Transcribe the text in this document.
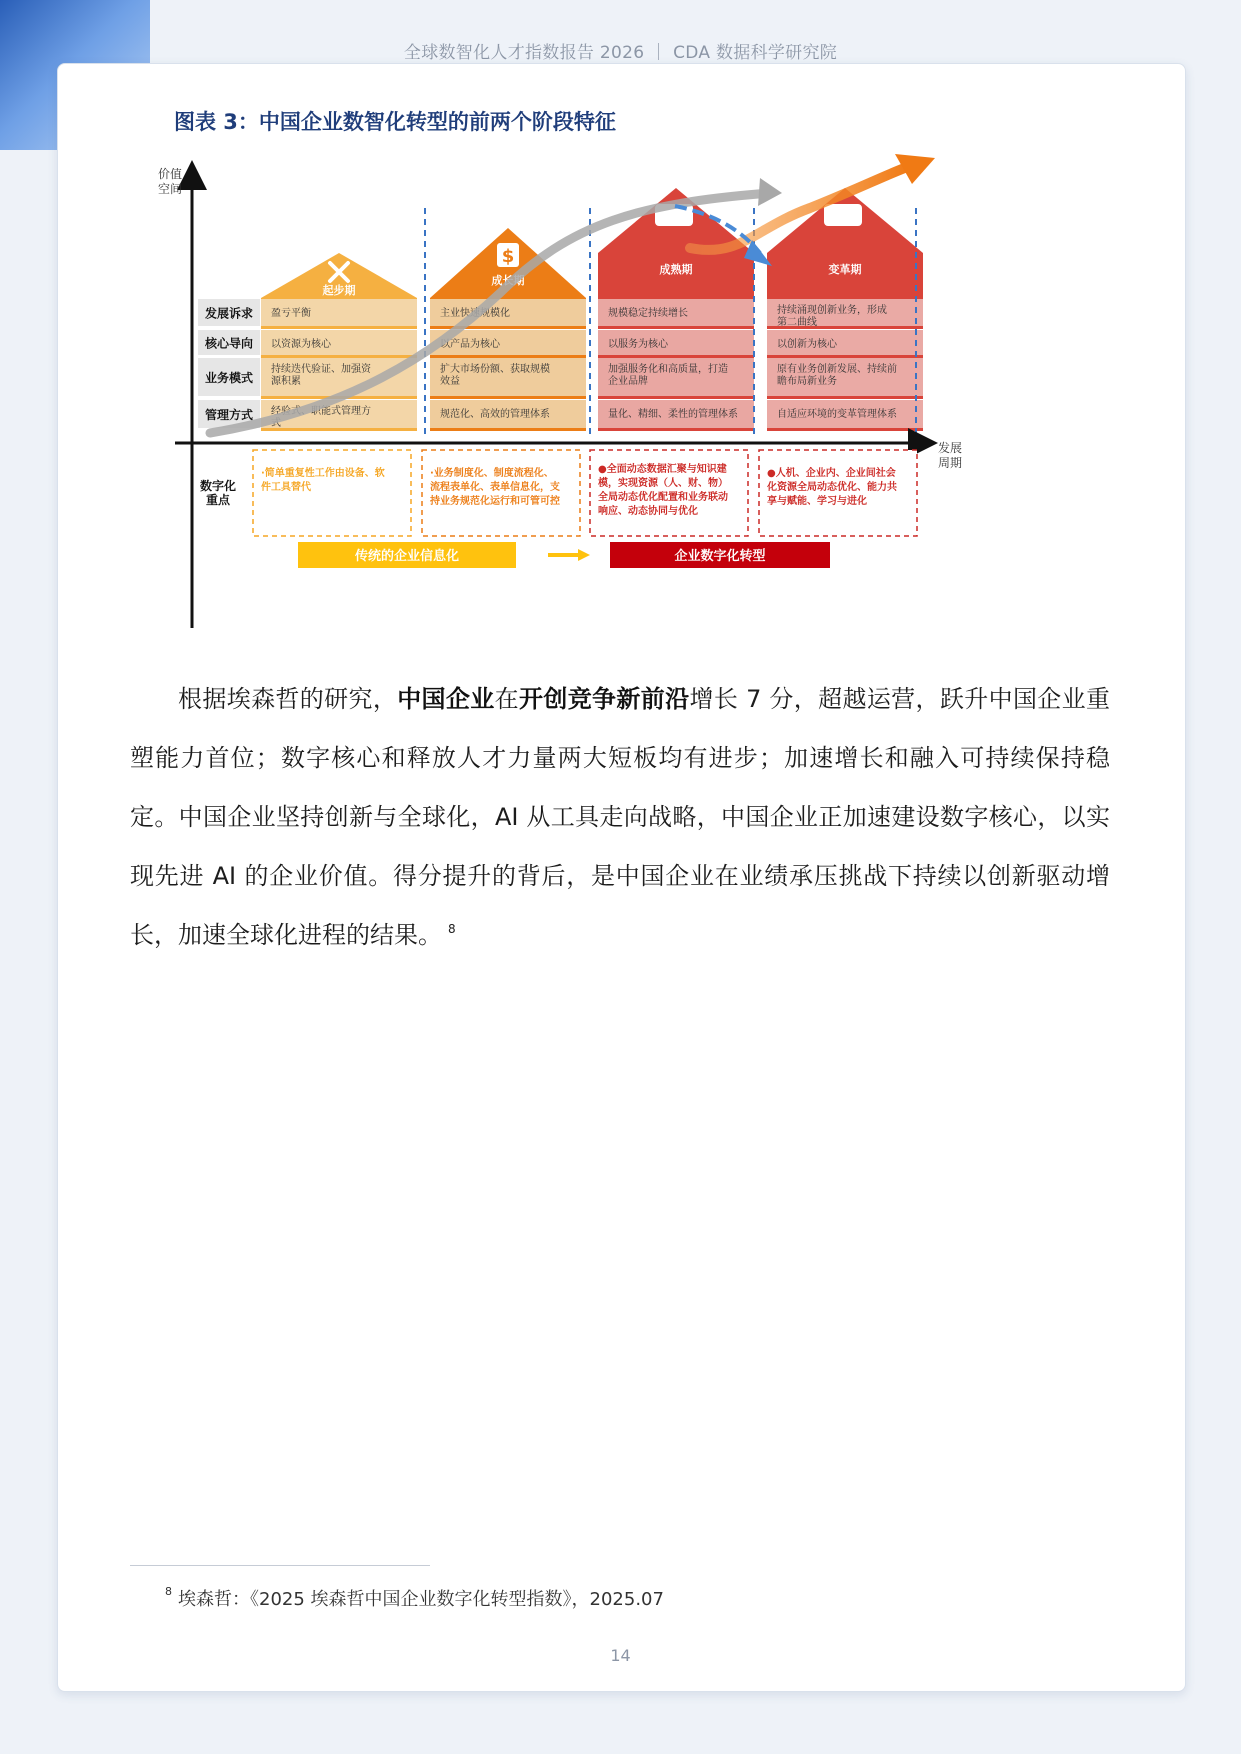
全球数智化人才指数报告 2026 ｜ CDA 数据科学研究院
图表 3：中国企业数智化转型的前两个阶段特征
起步期
盈亏平衡
以资源为核心
持续迭代验证、加强资源积累
经验式、职能式管理方式
$
成长期
主业快速规模化
以产品为核心
扩大市场份额、获取规模效益
规范化、高效的管理体系
成熟期
规模稳定持续增长
以服务为核心
加强服务化和高质量，打造企业品牌
量化、精细、柔性的管理体系
变革期
持续涌现创新业务，形成第二曲线
以创新为核心
原有业务创新发展、持续前瞻布局新业务
自适应环境的变革管理体系
发展诉求
核心导向
业务模式
管理方式
价值空间
发展周期
数字化重点
·简单重复性工作由设备、软件工具替代
·业务制度化、制度流程化、流程表单化、表单信息化，支持业务规范化运行和可管可控
●全面动态数据汇聚与知识建模，实现资源（人、财、物）全局动态优化配置和业务联动响应、动态协同与优化
●人机、企业内、企业间社会化资源全局动态优化、能力共享与赋能、学习与进化
传统的企业信息化	企业数字化转型

根据埃森哲的研究，中国企业在开创竞争新前沿增长 7 分，超越运营，跃升中国企业重塑能力首位；数字核心和释放人才力量两大短板均有进步；加速增长和融入可持续保持稳定。中国企业坚持创新与全球化，AI 从工具走向战略，中国企业正加速建设数字核心，以实现先进 AI 的企业价值。得分提升的背后，是中国企业在业绩承压挑战下持续以创新驱动增长，加速全球化进程的结果。 $^8$

$^8$ 埃森哲：《2025 埃森哲中国企业数字化转型指数》，2025.07
14
